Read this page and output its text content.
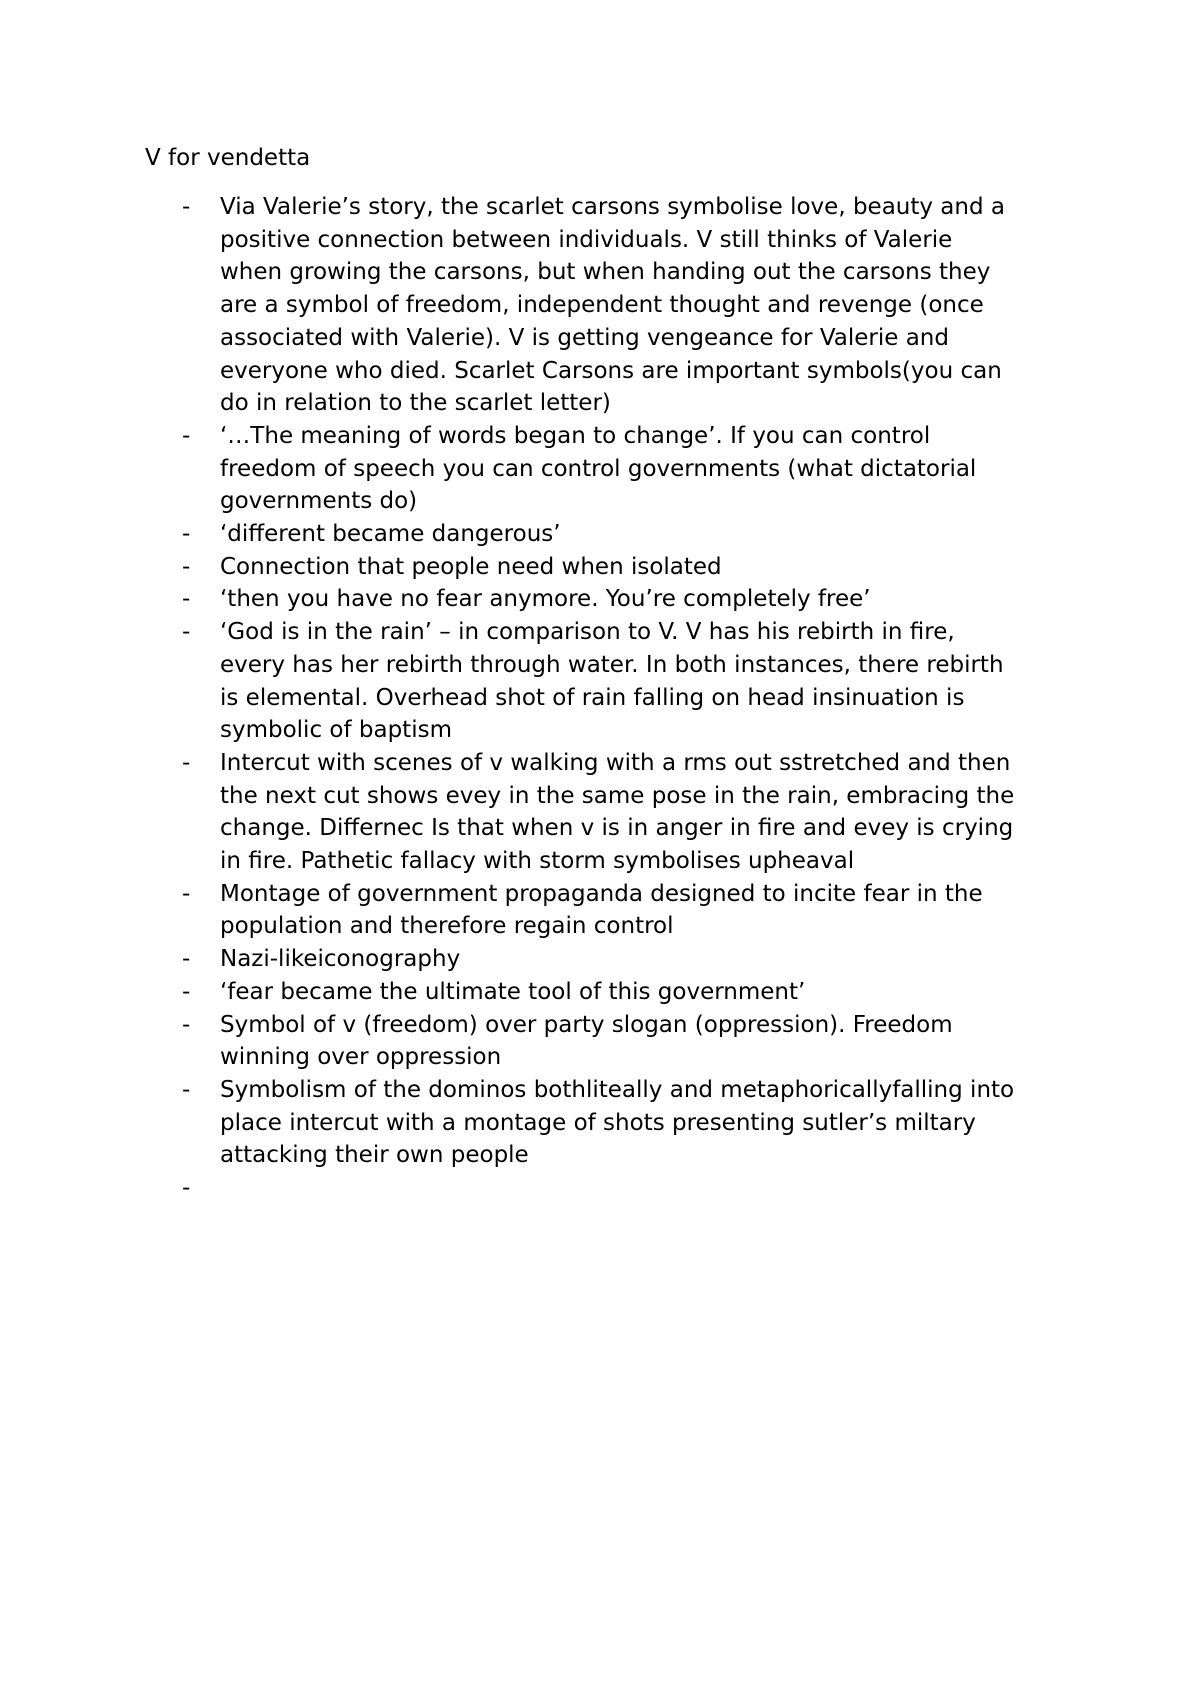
V for vendetta
- Via Valerie’s story, the scarlet carsons symbolise love, beauty and a
positive connection between individuals. V still thinks of Valerie
when growing the carsons, but when handing out the carsons they
are a symbol of freedom, independent thought and revenge (once
associated with Valerie). V is getting vengeance for Valerie and
everyone who died. Scarlet Carsons are important symbols(you can
do in relation to the scarlet letter)
- ‘…The meaning of words began to change’. If you can control
freedom of speech you can control governments (what dictatorial
governments do)
- ‘different became dangerous’
- Connection that people need when isolated
- ‘then you have no fear anymore. You’re completely free’
- ‘God is in the rain’ – in comparison to V. V has his rebirth in fire,
every has her rebirth through water. In both instances, there rebirth
is elemental. Overhead shot of rain falling on head insinuation is
symbolic of baptism
- Intercut with scenes of v walking with a rms out sstretched and then
the next cut shows evey in the same pose in the rain, embracing the
change. Differnec Is that when v is in anger in fire and evey is crying
in fire. Pathetic fallacy with storm symbolises upheaval
- Montage of government propaganda designed to incite fear in the
population and therefore regain control
- Nazi-likeiconography
- ‘fear became the ultimate tool of this government’
- Symbol of v (freedom) over party slogan (oppression). Freedom
winning over oppression
- Symbolism of the dominos bothliteally and metaphoricallyfalling into
place intercut with a montage of shots presenting sutler’s miltary
attacking their own people
-
